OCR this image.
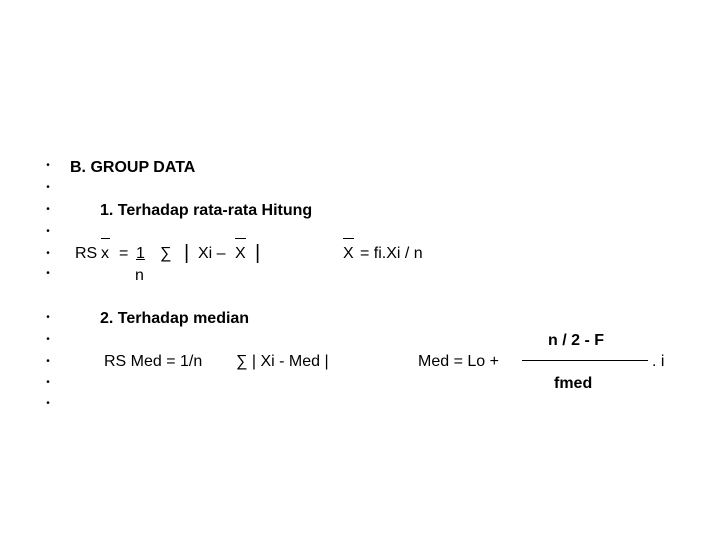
•
•
•
•
•
•
•
•
•
•
•
B. GROUP DATA
1. Terhadap rata-rata Hitung
RS x = 1 ∑ | Xi – X |
n
X = fi.Xi / n
2. Terhadap median
RS Med = 1/n ∑ | Xi - Med |	Med = Lo +
n / 2 - F
fmed
. i
